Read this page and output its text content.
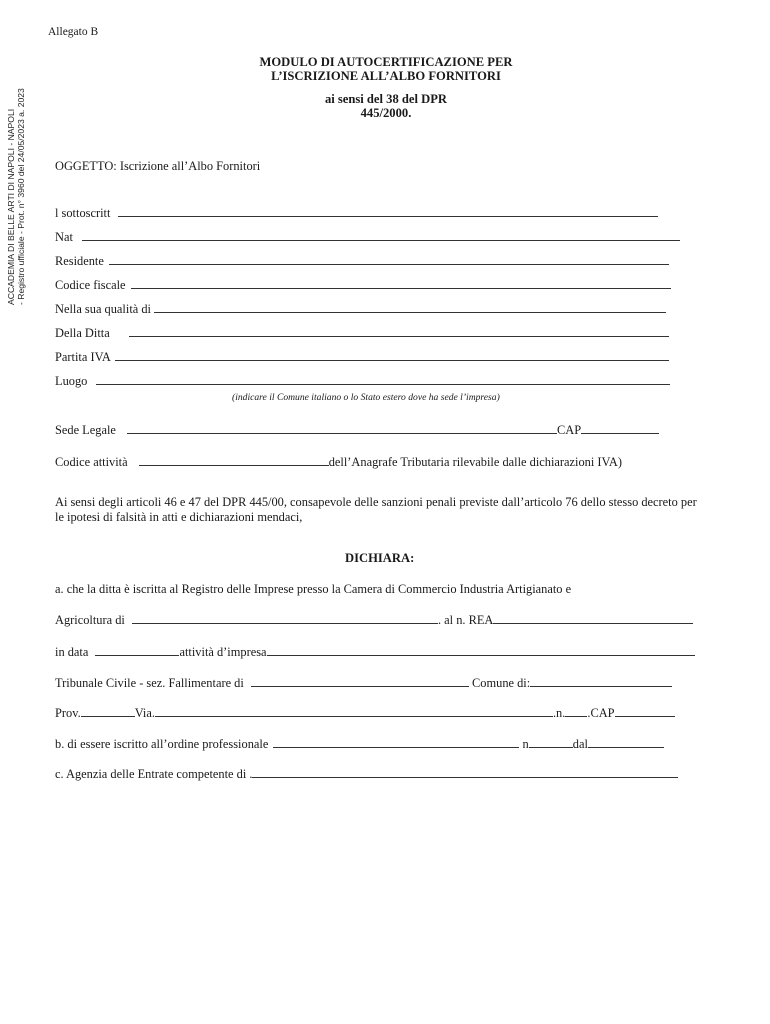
Allegato B
ACCADEMIA DI BELLE ARTI DI NAPOLI - NAPOLI - Registro ufficiale - Prot. n° 3960 del 24/05/2023 a. 2023
MODULO DI AUTOCERTIFICAZIONE PER
L’ISCRIZIONE ALL’ALBO FORNITORI
ai sensi del 38 del DPR
445/2000.
OGGETTO: Iscrizione all’Albo Fornitori
l sottoscritt
Nat
Residente
Codice fiscale
Nella sua qualità di
Della Ditta
Partita IVA
Luogo
(indicare il Comune italiano o lo Stato estero dove ha sede l’impresa)
Sede Legale	CAP
Codice attività	dell’Anagrafe Tributaria rilevabile dalle dichiarazioni IVA)
Ai sensi degli articoli 46 e 47 del DPR 445/00, consapevole delle sanzioni penali previste dall’articolo 76 dello stesso decreto per le ipotesi di falsità in atti e dichiarazioni mendaci,
DICHIARA:
a. che la ditta è iscritta al Registro delle Imprese presso la Camera di Commercio Industria Artigianato e
Agricoltura di	. al n. REA
in data	attività d’impresa
Tribunale Civile - sez. Fallimentare di	Comune di:
Prov.	Via.	.n. .CAP
b. di essere iscritto all’ordine professionale	n	dal
c. Agenzia delle Entrate competente di .
